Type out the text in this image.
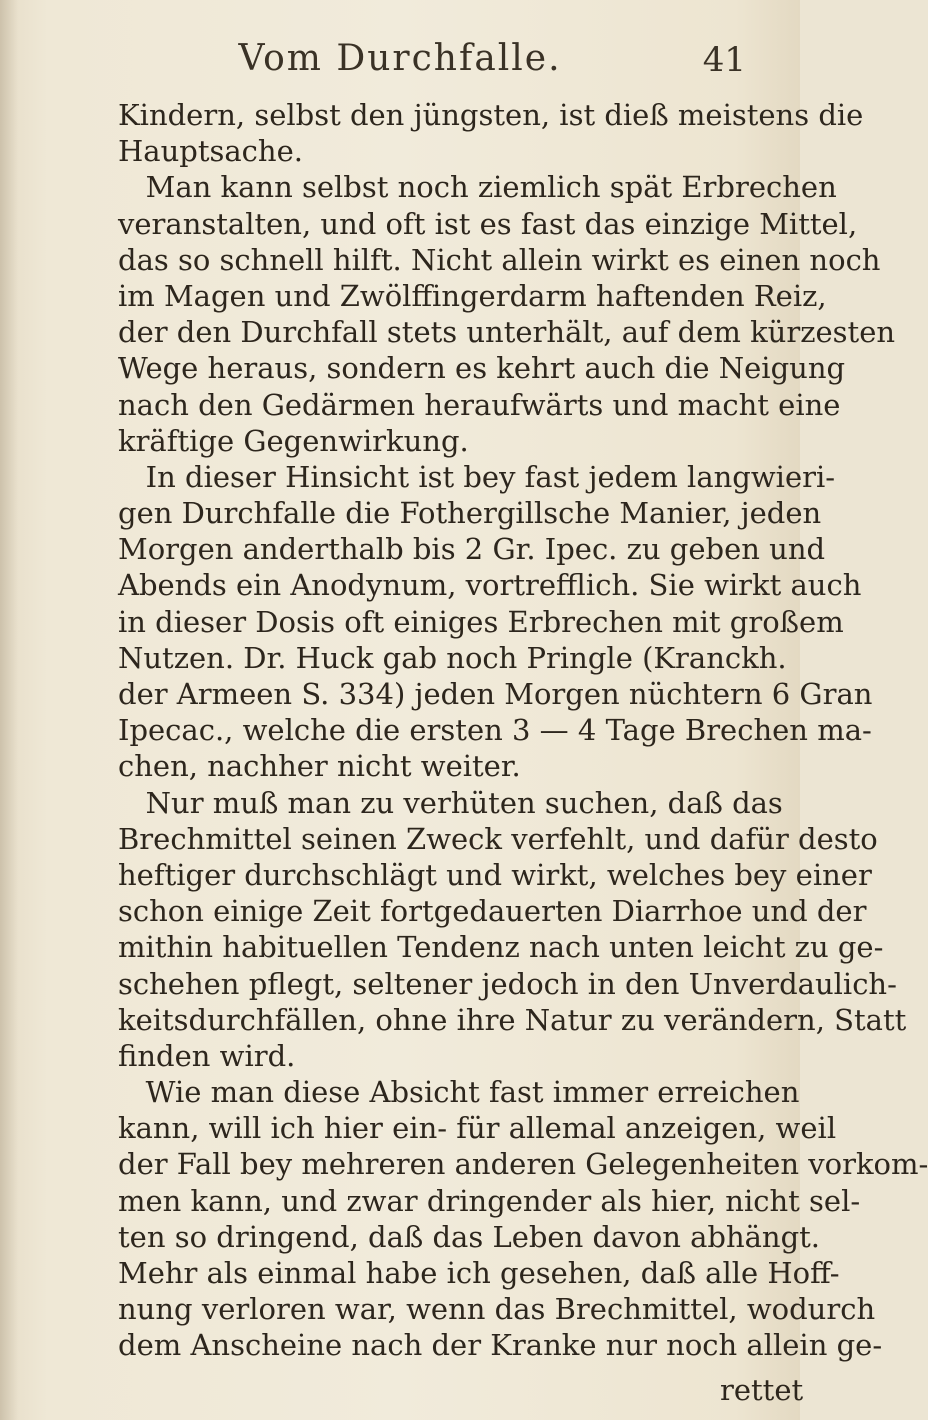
Vom Durchfalle.	41
Kindern, selbst den jüngsten, ist dieß meistens die
Hauptsache.
Man kann selbst noch ziemlich spät Erbrechen
veranstalten, und oft ist es fast das einzige Mittel,
das so schnell hilft. Nicht allein wirkt es einen noch
im Magen und Zwölffingerdarm haftenden Reiz,
der den Durchfall stets unterhält, auf dem kürzesten
Wege heraus, sondern es kehrt auch die Neigung
nach den Gedärmen heraufwärts und macht eine
kräftige Gegenwirkung.
In dieser Hinsicht ist bey fast jedem langwieri-
gen Durchfalle die Fothergillsche Manier, jeden
Morgen anderthalb bis 2 Gr. Ipec. zu geben und
Abends ein Anodynum, vortrefflich. Sie wirkt auch
in dieser Dosis oft einiges Erbrechen mit großem
Nutzen. Dr. Huck gab noch Pringle (Kranckh.
der Armeen S. 334) jeden Morgen nüchtern 6 Gran
Ipecac., welche die ersten 3 — 4 Tage Brechen ma-
chen, nachher nicht weiter.
Nur muß man zu verhüten suchen, daß das
Brechmittel seinen Zweck verfehlt, und dafür desto
heftiger durchschlägt und wirkt, welches bey einer
schon einige Zeit fortgedauerten Diarrhoe und der
mithin habituellen Tendenz nach unten leicht zu ge-
schehen pflegt, seltener jedoch in den Unverdaulich-
keitsdurchfällen, ohne ihre Natur zu verändern, Statt
finden wird.
Wie man diese Absicht fast immer erreichen
kann, will ich hier ein- für allemal anzeigen, weil
der Fall bey mehreren anderen Gelegenheiten vorkom-
men kann, und zwar dringender als hier, nicht sel-
ten so dringend, daß das Leben davon abhängt.
Mehr als einmal habe ich gesehen, daß alle Hoff-
nung verloren war, wenn das Brechmittel, wodurch
dem Anscheine nach der Kranke nur noch allein ge-
rettet
